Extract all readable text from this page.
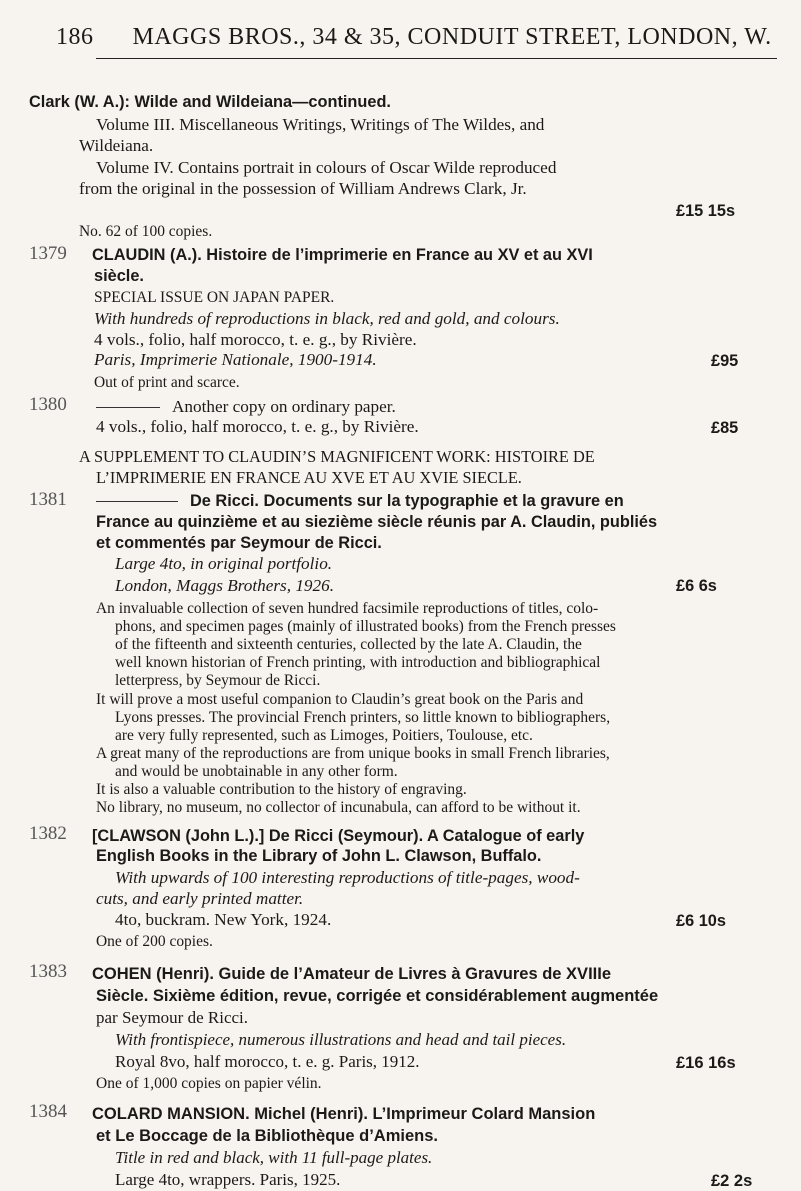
186 MAGGS BROS., 34 & 35, CONDUIT STREET, LONDON, W.
Clark (W. A.): Wilde and Wildeiana—continued.
Volume III. Miscellaneous Writings, Writings of The Wildes, and
Wildeiana.
Volume IV. Contains portrait in colours of Oscar Wilde reproduced
from the original in the possession of William Andrews Clark, Jr.
£15 15s
No. 62 of 100 copies.
1379 CLAUDIN (A.). Histoire de l’imprimerie en France au XV et au XVI
siècle.
SPECIAL ISSUE ON JAPAN PAPER.
With hundreds of reproductions in black, red and gold, and colours.
4 vols., folio, half morocco, t. e. g., by Rivière.
Paris, Imprimerie Nationale, 1900-1914.
Out of print and scarce.
£95
1380	Another copy on ordinary paper.
4 vols., folio, half morocco, t. e. g., by Rivière.	£85
A SUPPLEMENT TO CLAUDIN’S MAGNIFICENT WORK: HISTOIRE DE
L’IMPRIMERIE EN FRANCE AU XVE ET AU XVIE SIECLE.
1381	De Ricci. Documents sur la typographie et la gravure en
France au quinzième et au siezième siècle réunis par A. Claudin, publiés
et commentés par Seymour de Ricci.
Large 4to, in original portfolio.
London, Maggs Brothers, 1926.	£6 6s
An invaluable collection of seven hundred facsimile reproductions of titles, colo-
phons, and specimen pages (mainly of illustrated books) from the French presses
of the fifteenth and sixteenth centuries, collected by the late A. Claudin, the
well known historian of French printing, with introduction and bibliographical
letterpress, by Seymour de Ricci.
It will prove a most useful companion to Claudin’s great book on the Paris and
Lyons presses. The provincial French printers, so little known to bibliographers,
are very fully represented, such as Limoges, Poitiers, Toulouse, etc.
A great many of the reproductions are from unique books in small French libraries,
and would be unobtainable in any other form.
It is also a valuable contribution to the history of engraving.
No library, no museum, no collector of incunabula, can afford to be without it.
1382 [CLAWSON (John L.).] De Ricci (Seymour). A Catalogue of early
English Books in the Library of John L. Clawson, Buffalo.
With upwards of 100 interesting reproductions of title-pages, wood-
cuts, and early printed matter.
4to, buckram. New York, 1924.	£6 10s
One of 200 copies.
1383 COHEN (Henri). Guide de l’Amateur de Livres à Gravures de XVIIIe
Siècle. Sixième édition, revue, corrigée et considérablement augmentée
par Seymour de Ricci.
With frontispiece, numerous illustrations and head and tail pieces.
Royal 8vo, half morocco, t. e. g. Paris, 1912.
One of 1,000 copies on papier vélin.
£16 16s
1384 COLARD MANSION. Michel (Henri). L’Imprimeur Colard Mansion
et Le Boccage de la Bibliothèque d’Amiens.
Title in red and black, with 11 full-page plates.
Large 4to, wrappers. Paris, 1925.	£2 2s
